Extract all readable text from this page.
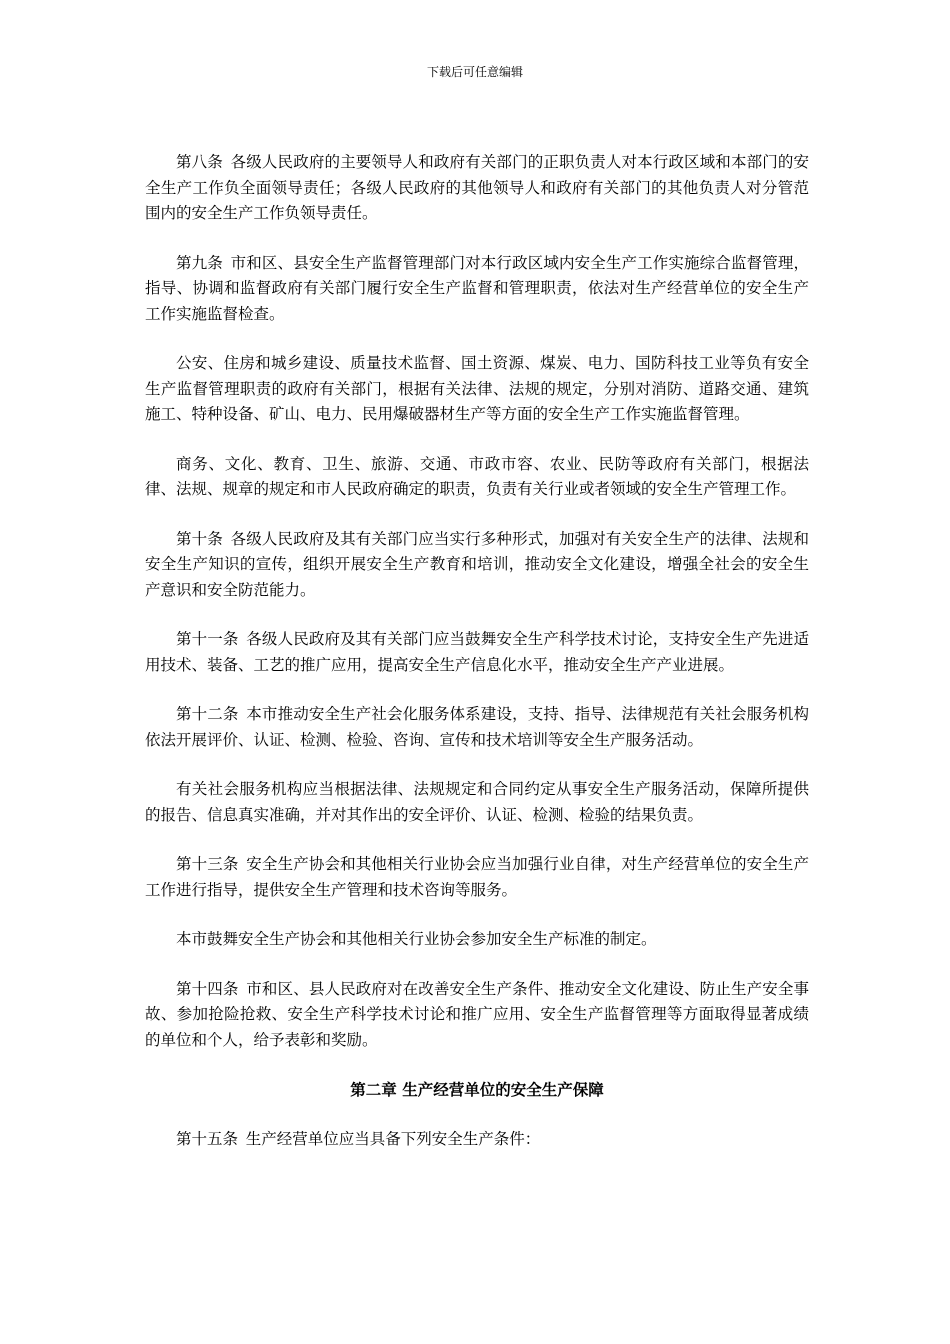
下载后可任意编辑

第八条 各级人民政府的主要领导人和政府有关部门的正职负责人对本行政区域和本部门的安全生产工作负全面领导责任；各级人民政府的其他领导人和政府有关部门的其他负责人对分管范围内的安全生产工作负领导责任。

第九条 市和区、县安全生产监督管理部门对本行政区域内安全生产工作实施综合监督管理，指导、协调和监督政府有关部门履行安全生产监督和管理职责，依法对生产经营单位的安全生产工作实施监督检查。

公安、住房和城乡建设、质量技术监督、国土资源、煤炭、电力、国防科技工业等负有安全生产监督管理职责的政府有关部门，根据有关法律、法规的规定，分别对消防、道路交通、建筑施工、特种设备、矿山、电力、民用爆破器材生产等方面的安全生产工作实施监督管理。

商务、文化、教育、卫生、旅游、交通、市政市容、农业、民防等政府有关部门，根据法律、法规、规章的规定和市人民政府确定的职责，负责有关行业或者领域的安全生产管理工作。

第十条 各级人民政府及其有关部门应当实行多种形式，加强对有关安全生产的法律、法规和安全生产知识的宣传，组织开展安全生产教育和培训，推动安全文化建设，增强全社会的安全生产意识和安全防范能力。

第十一条 各级人民政府及其有关部门应当鼓舞安全生产科学技术讨论，支持安全生产先进适用技术、装备、工艺的推广应用，提高安全生产信息化水平，推动安全生产产业进展。

第十二条 本市推动安全生产社会化服务体系建设，支持、指导、法律规范有关社会服务机构依法开展评价、认证、检测、检验、咨询、宣传和技术培训等安全生产服务活动。

有关社会服务机构应当根据法律、法规规定和合同约定从事安全生产服务活动，保障所提供的报告、信息真实准确，并对其作出的安全评价、认证、检测、检验的结果负责。

第十三条 安全生产协会和其他相关行业协会应当加强行业自律，对生产经营单位的安全生产工作进行指导，提供安全生产管理和技术咨询等服务。

本市鼓舞安全生产协会和其他相关行业协会参加安全生产标准的制定。

第十四条 市和区、县人民政府对在改善安全生产条件、推动安全文化建设、防止生产安全事故、参加抢险抢救、安全生产科学技术讨论和推广应用、安全生产监督管理等方面取得显著成绩的单位和个人，给予表彰和奖励。

第二章 生产经营单位的安全生产保障

第十五条 生产经营单位应当具备下列安全生产条件：
